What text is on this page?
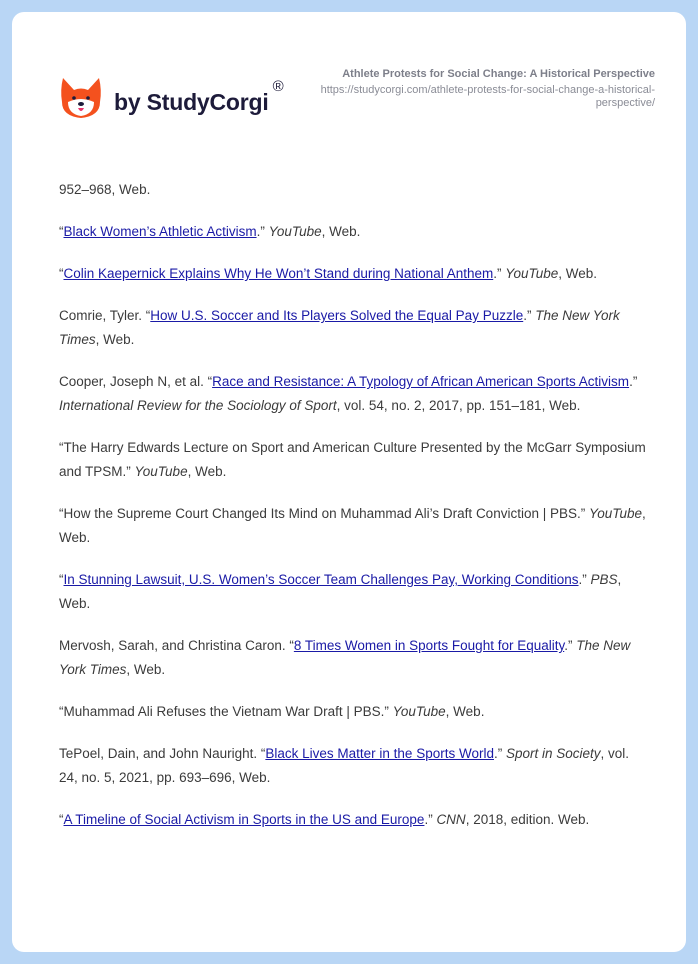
by StudyCorgi
®
Athlete Protests for Social Change: A Historical Perspective
https://studycorgi.com/athlete-protests-for-social-change-a-historical-perspective/

952–968, Web.

“Black Women’s Athletic Activism.” YouTube, Web.

“Colin Kaepernick Explains Why He Won’t Stand during National Anthem.” YouTube, Web.

Comrie, Tyler. “How U.S. Soccer and Its Players Solved the Equal Pay Puzzle.” The New York Times, Web.

Cooper, Joseph N, et al. “Race and Resistance: A Typology of African American Sports Activism.” International Review for the Sociology of Sport, vol. 54, no. 2, 2017, pp. 151–181, Web.

“The Harry Edwards Lecture on Sport and American Culture Presented by the McGarr Symposium and TPSM.” YouTube, Web.

“How the Supreme Court Changed Its Mind on Muhammad Ali’s Draft Conviction | PBS.” YouTube, Web.

“In Stunning Lawsuit, U.S. Women’s Soccer Team Challenges Pay, Working Conditions.” PBS, Web.

Mervosh, Sarah, and Christina Caron. “8 Times Women in Sports Fought for Equality.” The New York Times, Web.

“Muhammad Ali Refuses the Vietnam War Draft | PBS.” YouTube, Web.

TePoel, Dain, and John Nauright. “Black Lives Matter in the Sports World.” Sport in Society, vol. 24, no. 5, 2021, pp. 693–696, Web.

“A Timeline of Social Activism in Sports in the US and Europe.” CNN, 2018, edition. Web.
